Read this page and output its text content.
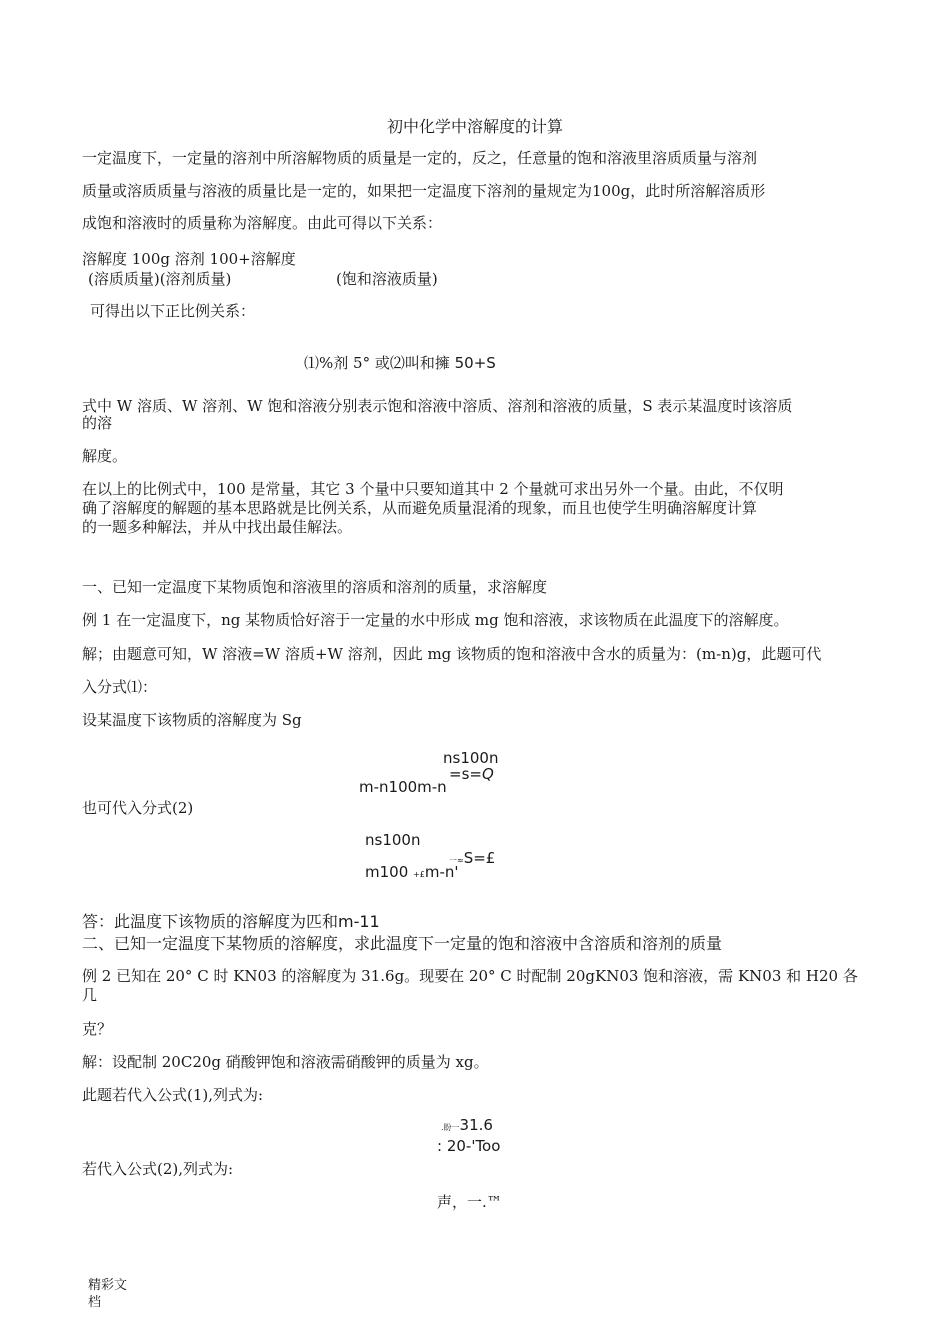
初中化学中溶解度的计算
一定温度下，一定量的溶剂中所溶解物质的质量是一定的，反之，任意量的饱和溶液里溶质质量与溶剂
质量或溶质质量与溶液的质量比是一定的，如果把一定温度下溶剂的量规定为100g，此时所溶解溶质形
成饱和溶液时的质量称为溶解度。由此可得以下关系：
溶解度 100g 溶剂 100+溶解度
(溶质质量)(溶剂质量)	(饱和溶液质量)
可得出以下正比例关系：
⑴%剂 5° 或⑵叫和擁 50+S
式中 W 溶质、W 溶剂、W 饱和溶液分别表示饱和溶液中溶质、溶剂和溶液的质量，S 表示某温度时该溶质
的溶
解度。
在以上的比例式中，100 是常量，其它 3 个量中只要知道其中 2 个量就可求出另外一个量。由此，不仅明
确了溶解度的解题的基本思路就是比例关系，从而避免质量混淆的现象，而且也使学生明确溶解度计算
的一题多种解法，并从中找出最佳解法。
一、已知一定温度下某物质饱和溶液里的溶质和溶剂的质量，求溶解度
例 1 在一定温度下，ng 某物质恰好溶于一定量的水中形成 mg 饱和溶液，求该物质在此温度下的溶解度。
解；由题意可知，W 溶液=W 溶质+W 溶剂，因此 mg 该物质的饱和溶液中含水的质量为：(m-n)g，此题可代
入分式⑴：
设某温度下该物质的溶解度为 Sg
ns100n
=s=Q
m-n100m-n
也可代入分式(2)
ns100n
一≈S=£
m100 +£m-n'
答：此温度下该物质的溶解度为匹和m-11
二、已知一定温度下某物质的溶解度，求此温度下一定量的饱和溶液中含溶质和溶剂的质量
例 2 已知在 20° C 时 KN03 的溶解度为 31.6g。现要在 20° C 时配制 20gKN03 饱和溶液，需 KN03 和 H20 各
几
克？
解：设配制 20C20g 硝酸钾饱和溶液需硝酸钾的质量为 xg。
此题若代入公式(1),列式为:
.盼一31.6
: 20-'Too
若代入公式(2),列式为:
声，一.™
精彩文
档
